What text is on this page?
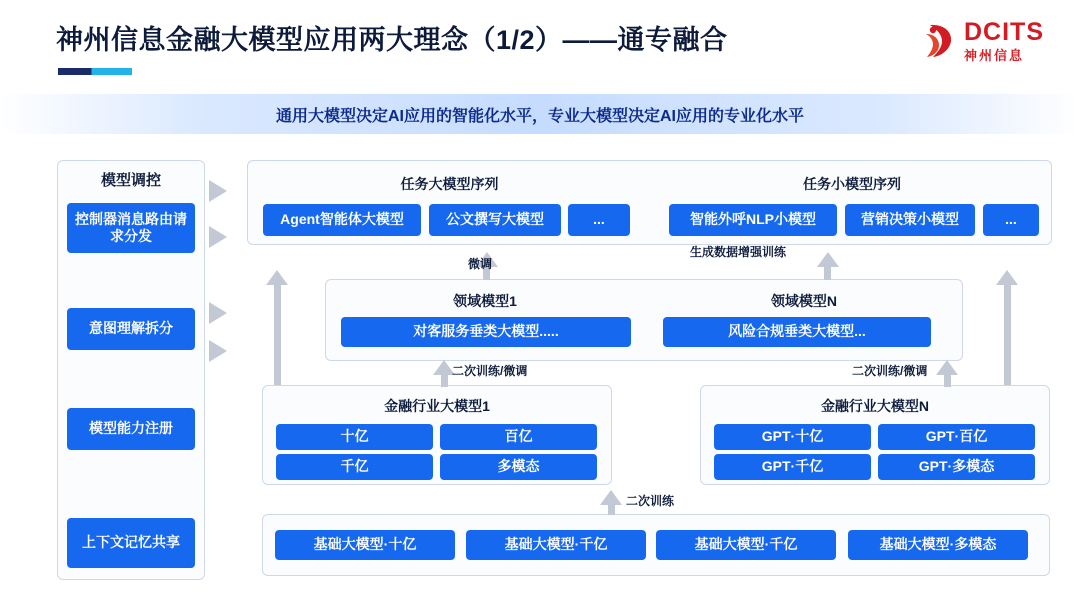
神州信息金融大模型应用两大理念（1/2）——通专融合	DCITS
神州信息
通用大模型决定AI应用的智能化水平，专业大模型决定AI应用的专业化水平
模型调控
控制器消息路由请求分发
意图理解拆分
模型能力注册
上下文记忆共享
任务大模型序列
Agent智能体大模型	公文撰写大模型	...
任务小模型序列
智能外呼NLP小模型	营销决策小模型	...
领域模型1
对客服务垂类大模型.....
领域模型N
风险合规垂类大模型...
金融行业大模型1
十亿	百亿
千亿	多模态
金融行业大模型N
GPT·十亿	GPT·百亿
GPT·千亿	GPT·多模态
基础大模型·十亿	基础大模型·千亿	基础大模型·千亿	基础大模型·多模态
微调
生成数据增强训练
二次训练/微调	二次训练/微调
二次训练
